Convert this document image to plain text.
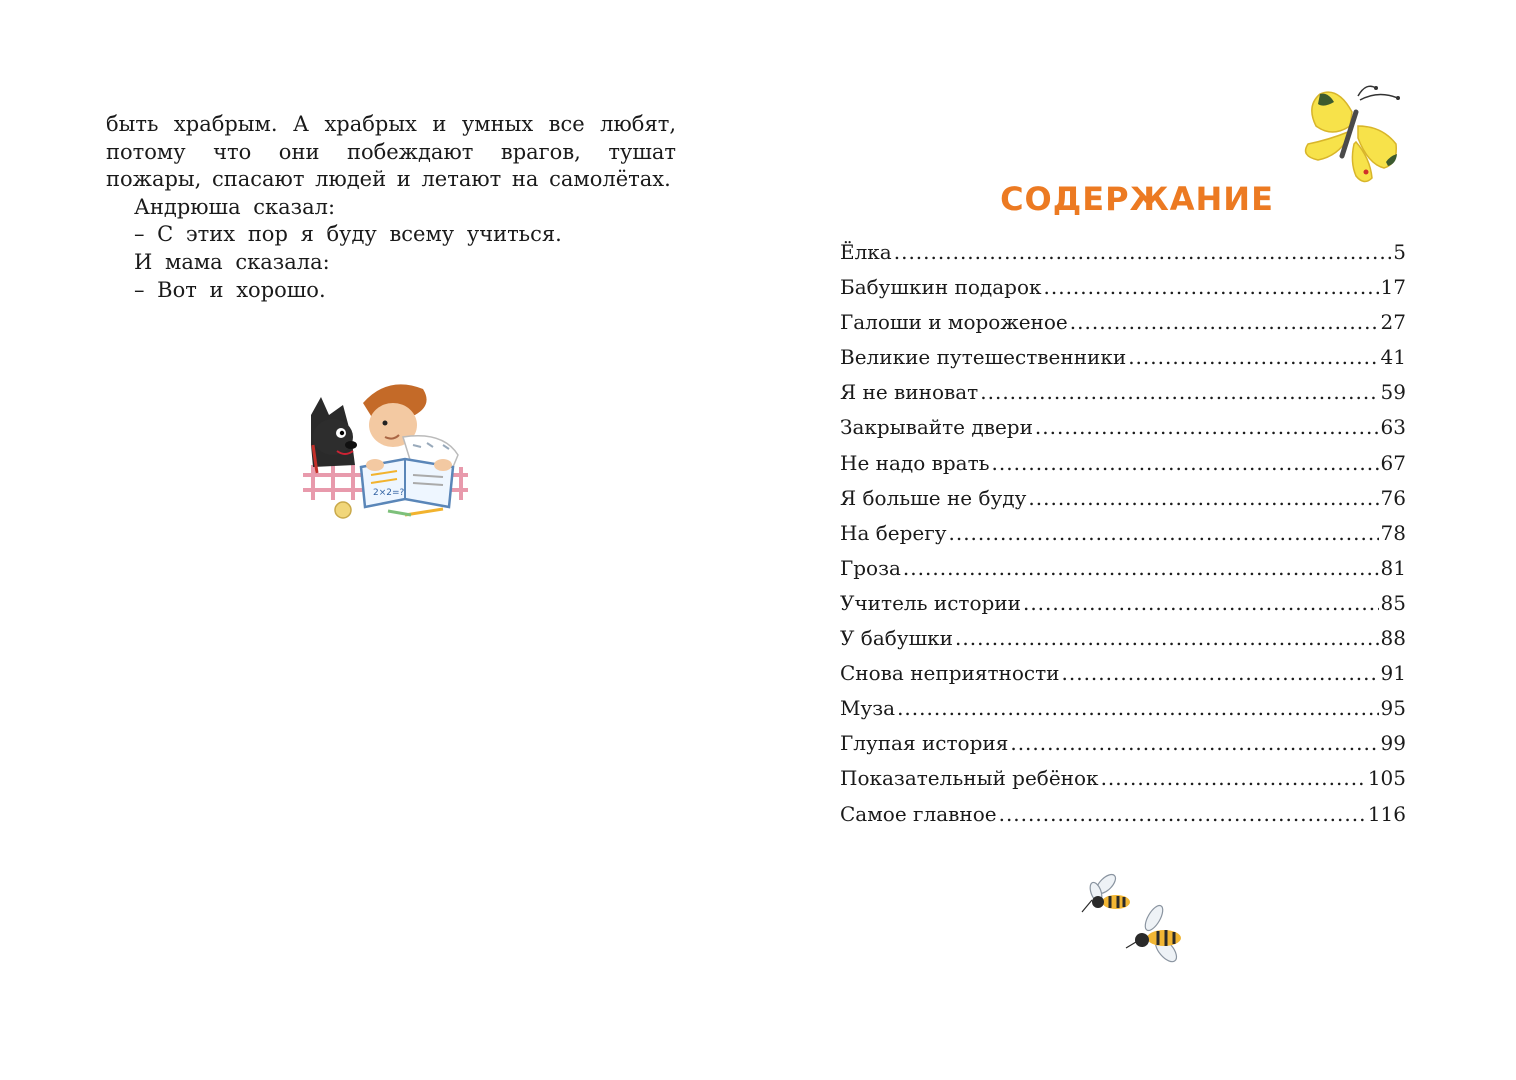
быть храбрым. А храбрых и умных все любят, потому что они побеждают врагов, тушат пожары, спасают людей и летают на самолётах.

Андрюша сказал:

– С этих пор я буду всему учиться.

И мама сказала:

– Вот и хорошо.

2×2=?
СОДЕРЖАНИЕ
Ёлка .....	5
Бабушкин подарок .....	17
Галоши и мороженое .....	27
Великие путешественники .....	41
Я не виноват .....	59
Закрывайте двери .....	63
Не надо врать .....	67
Я больше не буду .....	76
На берегу .....	78
Гроза .....	81
Учитель истории .....	85
У бабушки .....	88
Снова неприятности .....	91
Муза .....	95
Глупая история .....	99
Показательный ребёнок .....	105
Самое главное .....	116
